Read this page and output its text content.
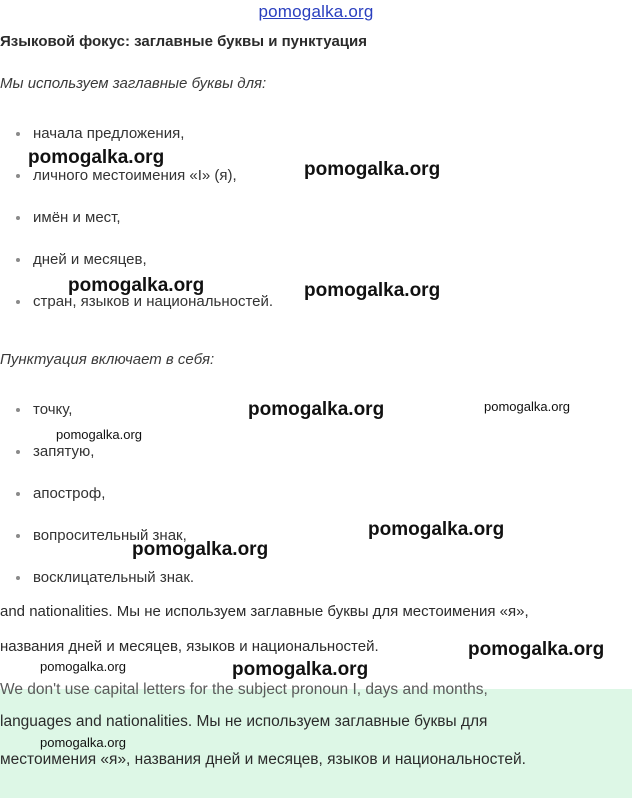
pomogalka.org
Языковой фокус: заглавные буквы и пунктуация
Мы используем заглавные буквы для:
начала предложения,
личного местоимения «I» (я),
имён и мест,
дней и месяцев,
стран, языков и национальностей.
Пунктуация включает в себя:
точку,
запятую,
апостроф,
вопросительный знак,
восклицательный знак.
and nationalities. Мы не используем заглавные буквы для местоимения «я»,
названия дней и месяцев, языков и национальностей.
We don't use capital letters for the subject pronoun I, days and months,
languages and nationalities. Мы не используем заглавные буквы для
местоимения «я», названия дней и месяцев, языков и национальностей.
pomogalka.org
pomogalka.org
pomogalka.org	pomogalka.org
pomogalka.org	pomogalka.org
pomogalka.org
pomogalka.org
pomogalka.org
pomogalka.org
pomogalka.org	pomogalka.org
pomogalka.org
